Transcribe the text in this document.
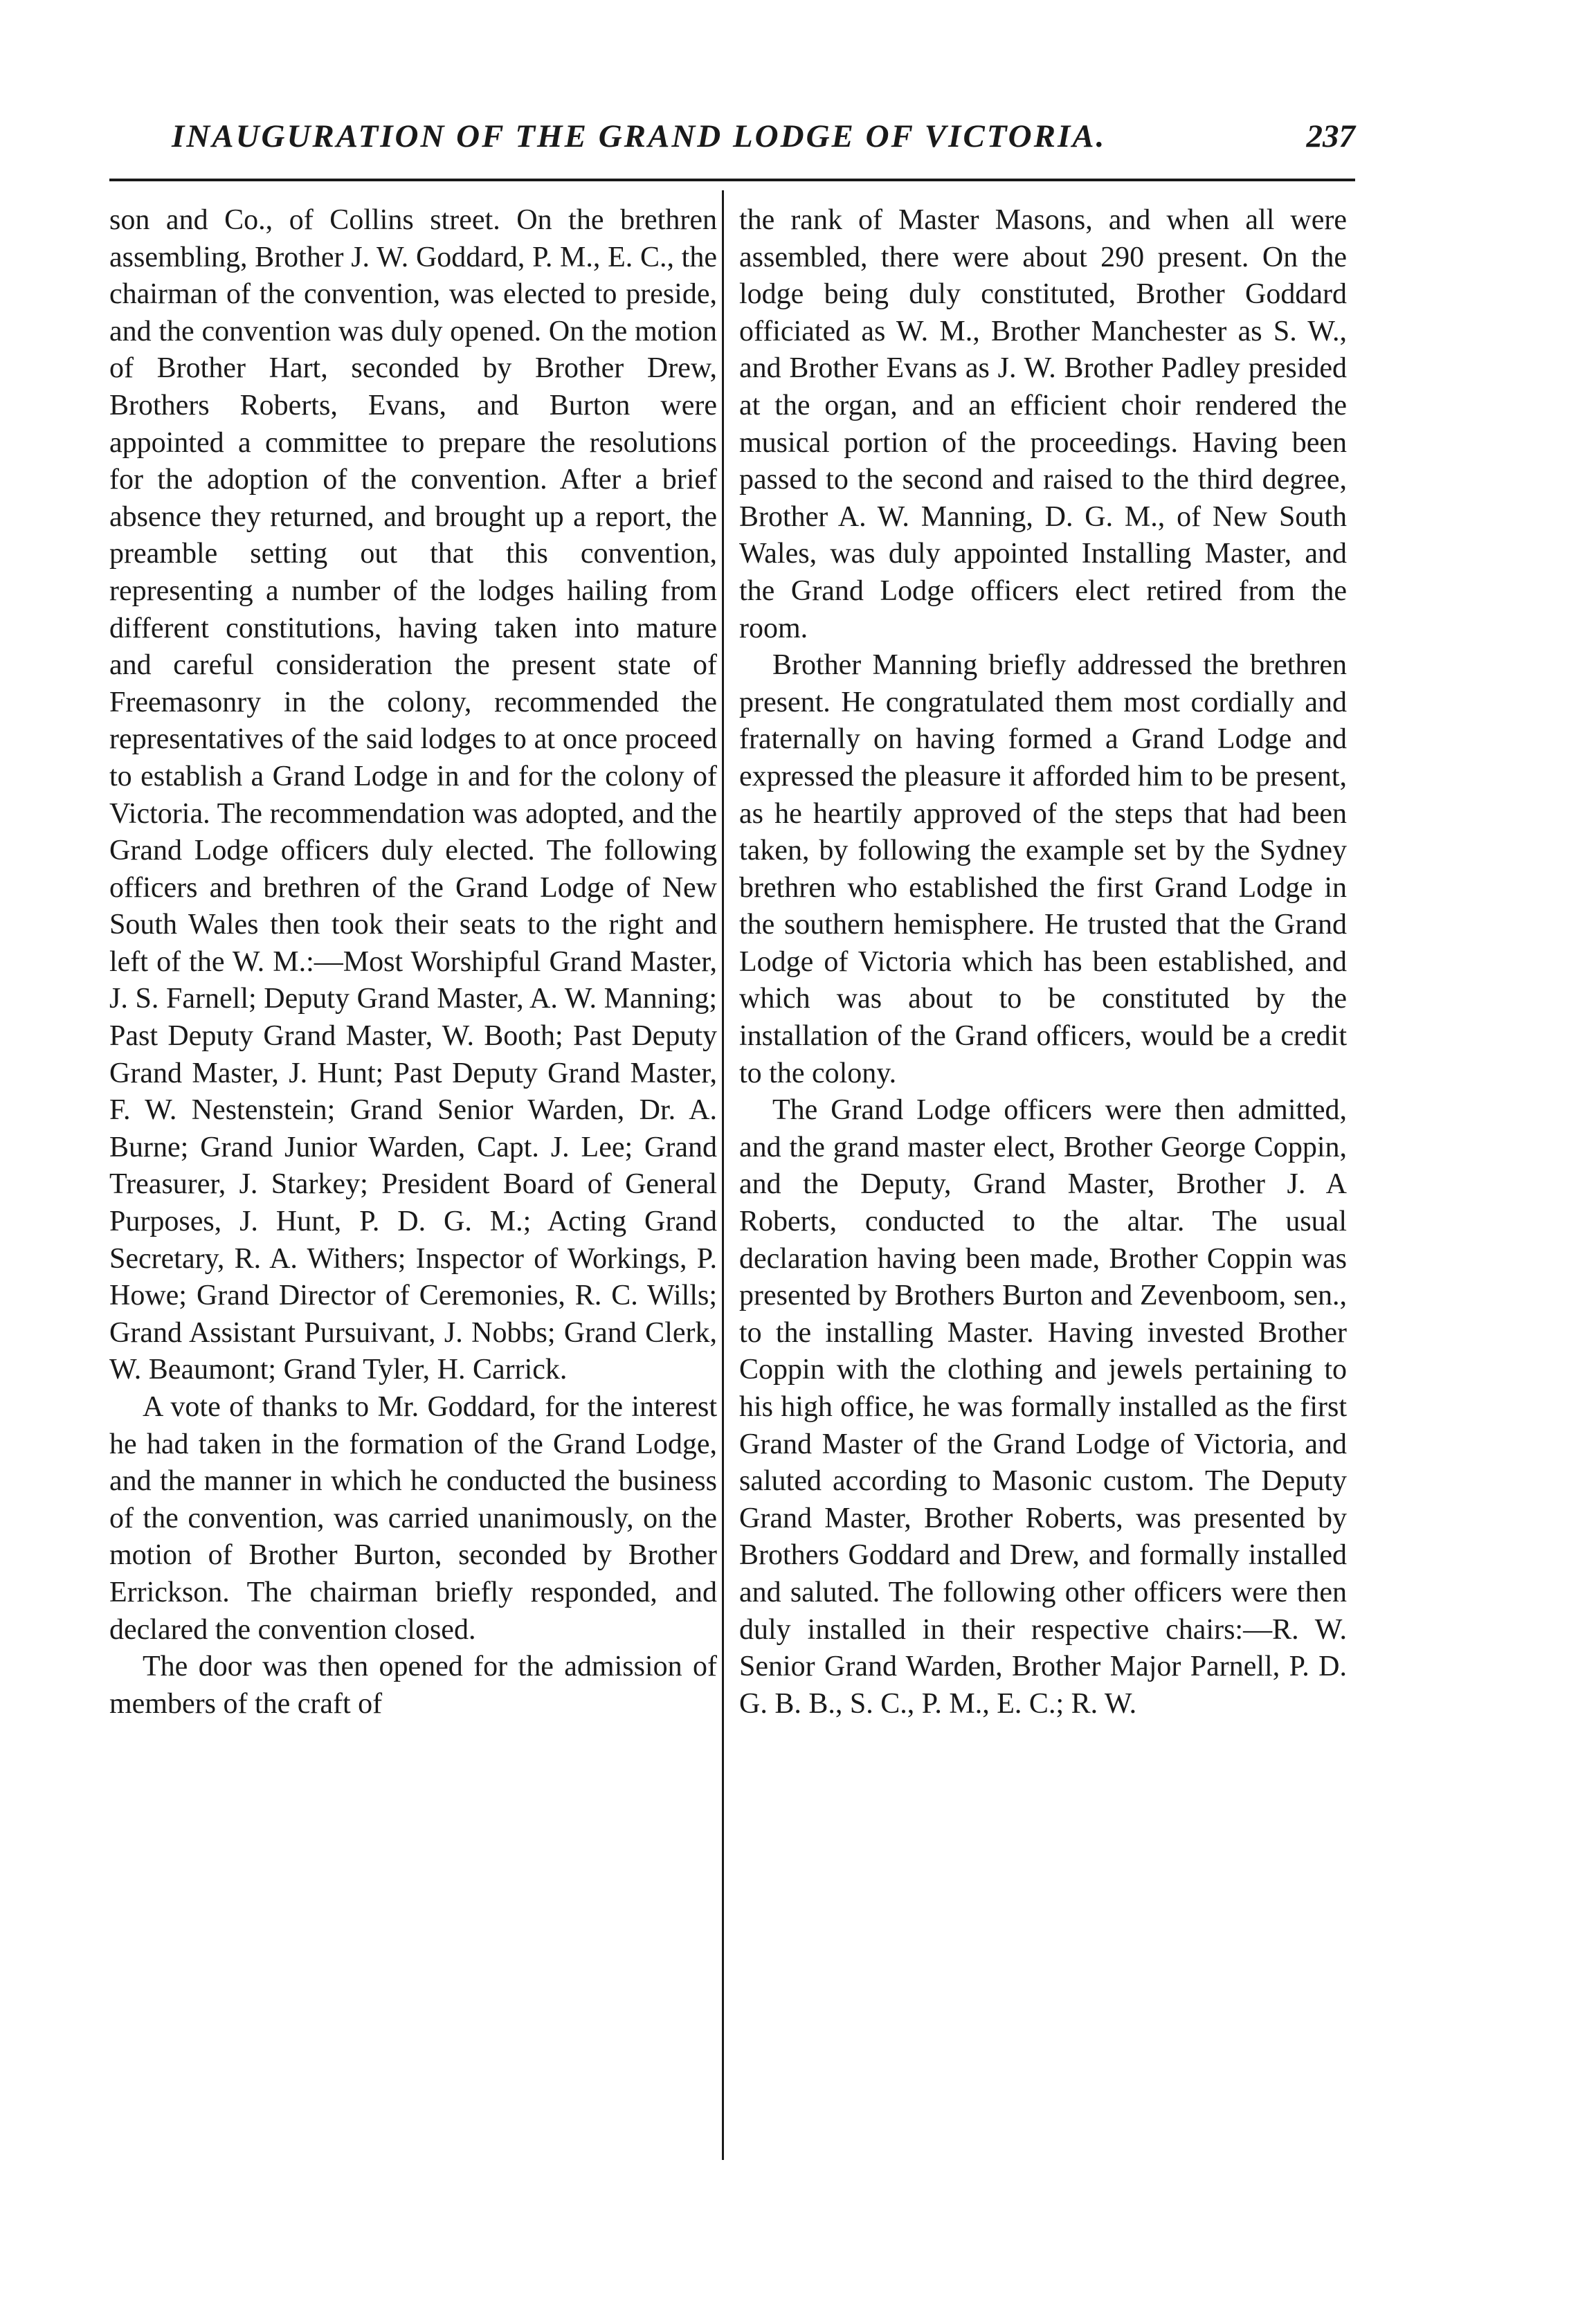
INAUGURATION OF THE GRAND LODGE OF VICTORIA.	237

son and Co., of Collins street. On the brethren assembling, Brother J. W. Goddard, P. M., E. C., the chairman of the convention, was elected to preside, and the convention was duly opened. On the motion of Brother Hart, seconded by Brother Drew, Brothers Roberts, Evans, and Burton were appointed a committee to prepare the resolutions for the adoption of the convention. After a brief absence they returned, and brought up a report, the preamble setting out that this convention, representing a number of the lodges hailing from different constitutions, having taken into mature and careful consideration the present state of Freemasonry in the colony, recommended the representatives of the said lodges to at once proceed to establish a Grand Lodge in and for the colony of Victoria. The recommendation was adopted, and the Grand Lodge officers duly elected. The following officers and brethren of the Grand Lodge of New South Wales then took their seats to the right and left of the W. M.:—Most Worshipful Grand Master, J. S. Farnell; Deputy Grand Master, A. W. Manning; Past Deputy Grand Master, W. Booth; Past Deputy Grand Master, J. Hunt; Past Deputy Grand Master, F. W. Nestenstein; Grand Senior Warden, Dr. A. Burne; Grand Junior Warden, Capt. J. Lee; Grand Treasurer, J. Starkey; President Board of General Purposes, J. Hunt, P. D. G. M.; Acting Grand Secretary, R. A. Withers; Inspector of Workings, P. Howe; Grand Director of Ceremonies, R. C. Wills; Grand Assistant Pursuivant, J. Nobbs; Grand Clerk, W. Beaumont; Grand Tyler, H. Carrick.

A vote of thanks to Mr. Goddard, for the interest he had taken in the formation of the Grand Lodge, and the manner in which he conducted the business of the convention, was carried unanimously, on the motion of Brother Burton, seconded by Brother Errickson. The chairman briefly responded, and declared the convention closed.

The door was then opened for the admission of members of the craft of

the rank of Master Masons, and when all were assembled, there were about 290 present. On the lodge being duly constituted, Brother Goddard officiated as W. M., Brother Manchester as S. W., and Brother Evans as J. W. Brother Padley presided at the organ, and an efficient choir rendered the musical portion of the proceedings. Having been passed to the second and raised to the third degree, Brother A. W. Manning, D. G. M., of New South Wales, was duly appointed Installing Master, and the Grand Lodge officers elect retired from the room.

Brother Manning briefly addressed the brethren present. He congratulated them most cordially and fraternally on having formed a Grand Lodge and expressed the pleasure it afforded him to be present, as he heartily approved of the steps that had been taken, by following the example set by the Sydney brethren who established the first Grand Lodge in the southern hemisphere. He trusted that the Grand Lodge of Victoria which has been established, and which was about to be constituted by the installation of the Grand officers, would be a credit to the colony.

The Grand Lodge officers were then admitted, and the grand master elect, Brother George Coppin, and the Deputy, Grand Master, Brother J. A Roberts, conducted to the altar. The usual declaration having been made, Brother Coppin was presented by Brothers Burton and Zevenboom, sen., to the installing Master. Having invested Brother Coppin with the clothing and jewels pertaining to his high office, he was formally installed as the first Grand Master of the Grand Lodge of Victoria, and saluted according to Masonic custom. The Deputy Grand Master, Brother Roberts, was presented by Brothers Goddard and Drew, and formally installed and saluted. The following other officers were then duly installed in their respective chairs:—R. W. Senior Grand Warden, Brother Major Parnell, P. D. G. B. B., S. C., P. M., E. C.; R. W.
